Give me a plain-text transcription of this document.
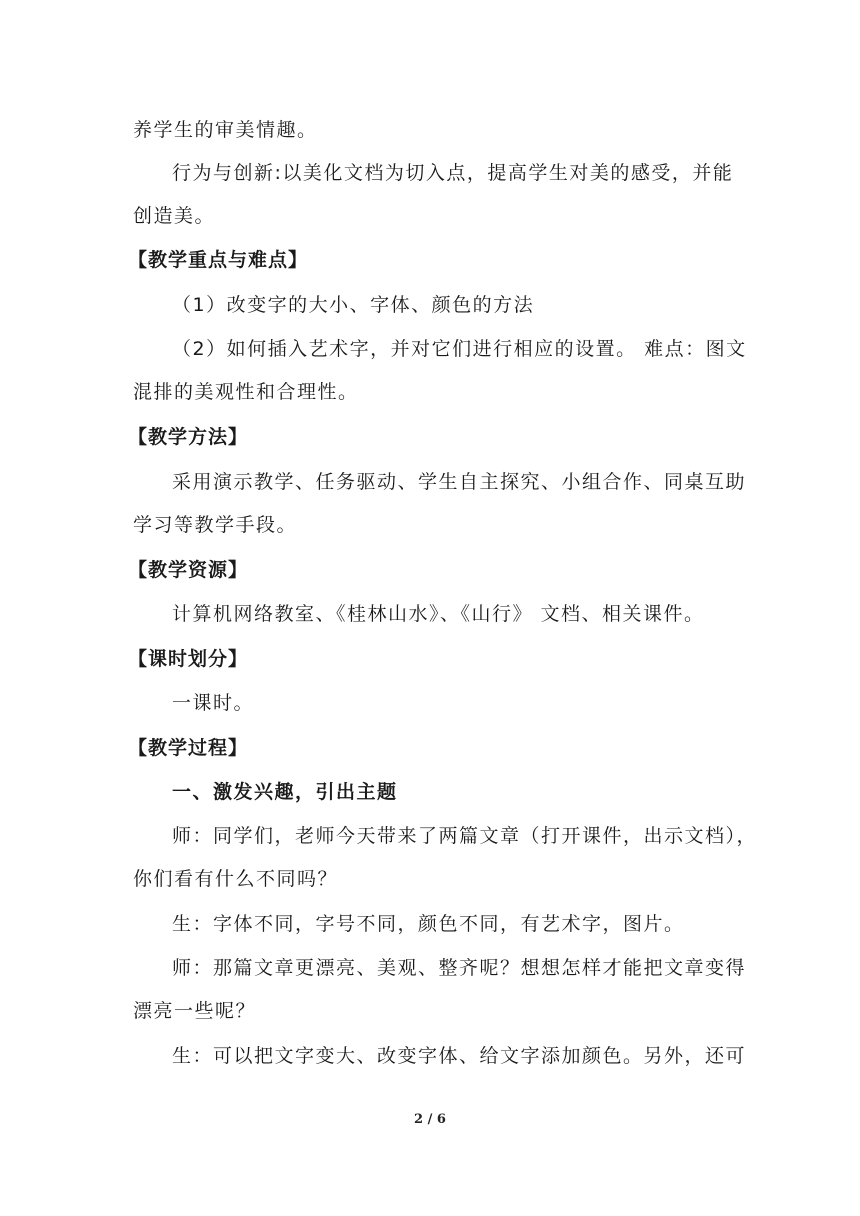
养学生的审美情趣。
行为与创新:以美化文档为切入点，提高学生对美的感受，并能
创造美。
【教学重点与难点】
（1）改变字的大小、字体、颜色的方法
（2）如何插入艺术字，并对它们进行相应的设置。 难点：图文
混排的美观性和合理性。
【教学方法】
采用演示教学、任务驱动、学生自主探究、小组合作、同桌互助
学习等教学手段。
【教学资源】
计算机网络教室、《桂林山水》、《山行》 文档、相关课件。
【课时划分】
一课时。
【教学过程】
一、激发兴趣，引出主题
师：同学们，老师今天带来了两篇文章（打开课件，出示文档），
你们看有什么不同吗？
生：字体不同，字号不同，颜色不同，有艺术字，图片。
师：那篇文章更漂亮、美观、整齐呢？想想怎样才能把文章变得
漂亮一些呢？
生：可以把文字变大、改变字体、给文字添加颜色。另外，还可
2 / 6
